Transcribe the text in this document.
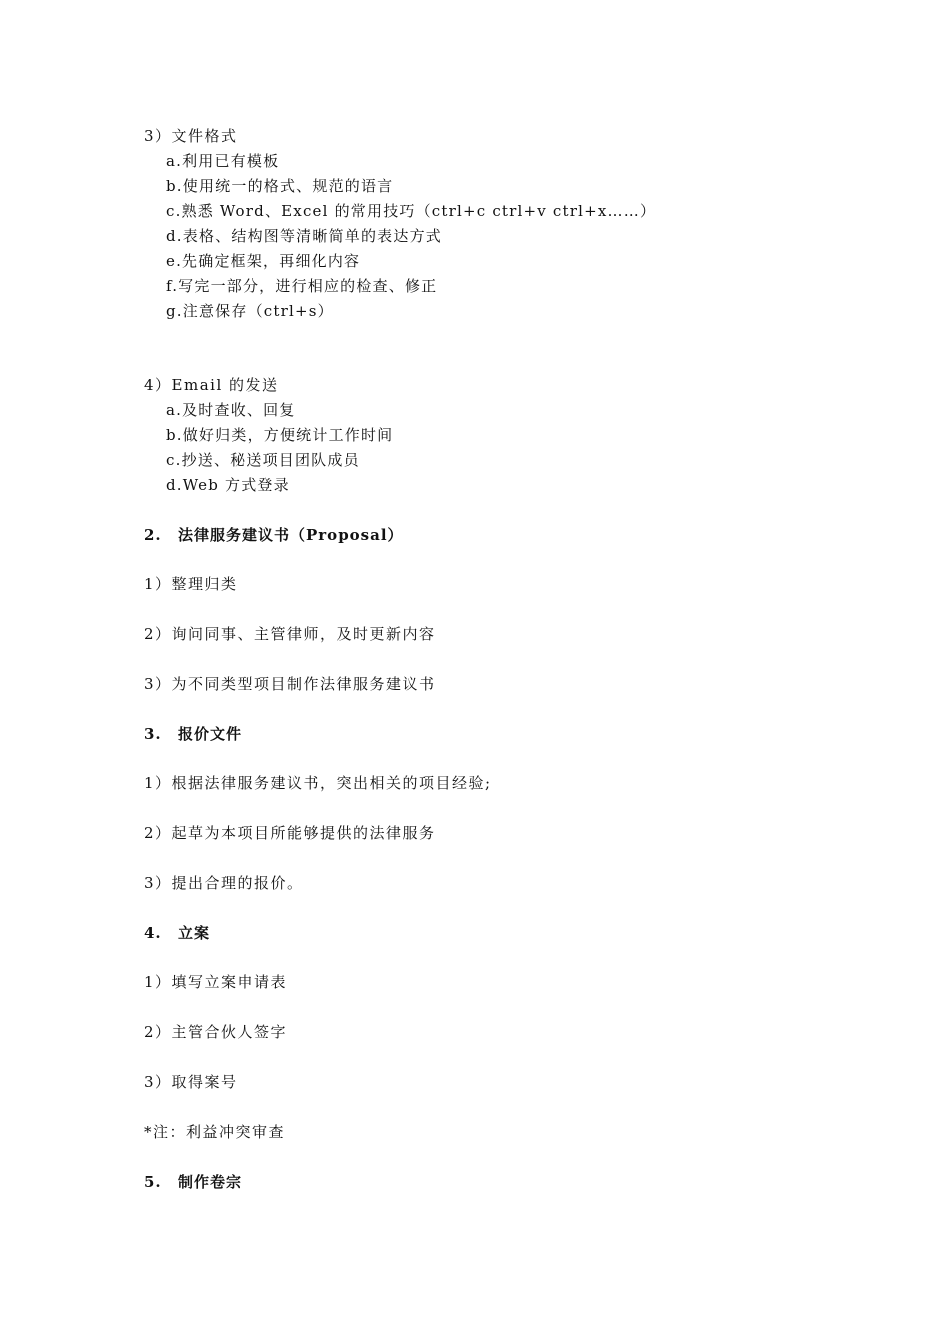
3）文件格式
a.利用已有模板
b.使用统一的格式、规范的语言
c.熟悉 Word、Excel 的常用技巧（ctrl+c ctrl+v ctrl+x……）
d.表格、结构图等清晰简单的表达方式
e.先确定框架，再细化内容
f.写完一部分，进行相应的检查、修正
g.注意保存（ctrl+s）
4）Email 的发送
a.及时查收、回复
b.做好归类，方便统计工作时间
c.抄送、秘送项目团队成员
d.Web 方式登录
2. 法律服务建议书（Proposal）
1）整理归类
2）询问同事、主管律师，及时更新内容
3）为不同类型项目制作法律服务建议书
3. 报价文件
1）根据法律服务建议书，突出相关的项目经验;
2）起草为本项目所能够提供的法律服务
3）提出合理的报价。
4. 立案
1）填写立案申请表
2）主管合伙人签字
3）取得案号
*注：利益冲突审查
5. 制作卷宗
